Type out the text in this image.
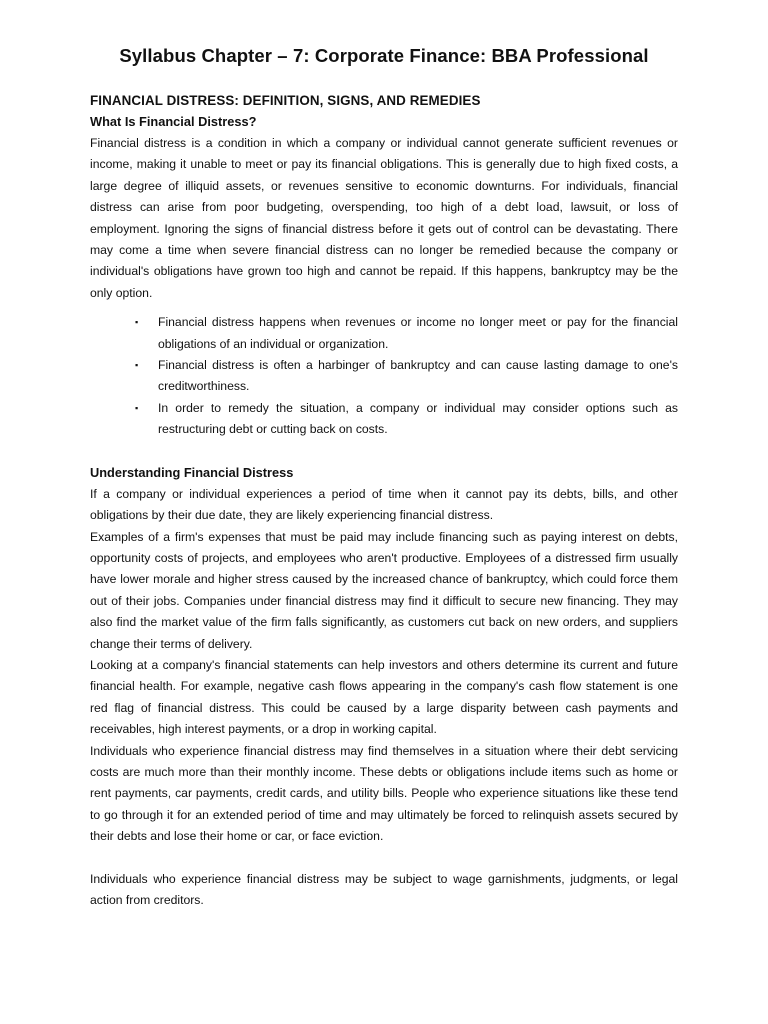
Syllabus Chapter – 7: Corporate Finance: BBA Professional
FINANCIAL DISTRESS: DEFINITION, SIGNS, AND REMEDIES
What Is Financial Distress?

Financial distress is a condition in which a company or individual cannot generate sufficient revenues or income, making it unable to meet or pay its financial obligations. This is generally due to high fixed costs, a large degree of illiquid assets, or revenues sensitive to economic downturns. For individuals, financial distress can arise from poor budgeting, overspending, too high of a debt load, lawsuit, or loss of employment. Ignoring the signs of financial distress before it gets out of control can be devastating. There may come a time when severe financial distress can no longer be remedied because the company or individual's obligations have grown too high and cannot be repaid. If this happens, bankruptcy may be the only option.

▪ Financial distress happens when revenues or income no longer meet or pay for the financial obligations of an individual or organization.
▪ Financial distress is often a harbinger of bankruptcy and can cause lasting damage to one's creditworthiness.
▪ In order to remedy the situation, a company or individual may consider options such as restructuring debt or cutting back on costs.
Understanding Financial Distress

If a company or individual experiences a period of time when it cannot pay its debts, bills, and other obligations by their due date, they are likely experiencing financial distress.

Examples of a firm's expenses that must be paid may include financing such as paying interest on debts, opportunity costs of projects, and employees who aren't productive. Employees of a distressed firm usually have lower morale and higher stress caused by the increased chance of bankruptcy, which could force them out of their jobs. Companies under financial distress may find it difficult to secure new financing. They may also find the market value of the firm falls significantly, as customers cut back on new orders, and suppliers change their terms of delivery.

Looking at a company's financial statements can help investors and others determine its current and future financial health. For example, negative cash flows appearing in the company's cash flow statement is one red flag of financial distress. This could be caused by a large disparity between cash payments and receivables, high interest payments, or a drop in working capital.

Individuals who experience financial distress may find themselves in a situation where their debt servicing costs are much more than their monthly income. These debts or obligations include items such as home or rent payments, car payments, credit cards, and utility bills. People who experience situations like these tend to go through it for an extended period of time and may ultimately be forced to relinquish assets secured by their debts and lose their home or car, or face eviction.

Individuals who experience financial distress may be subject to wage garnishments, judgments, or legal action from creditors.
